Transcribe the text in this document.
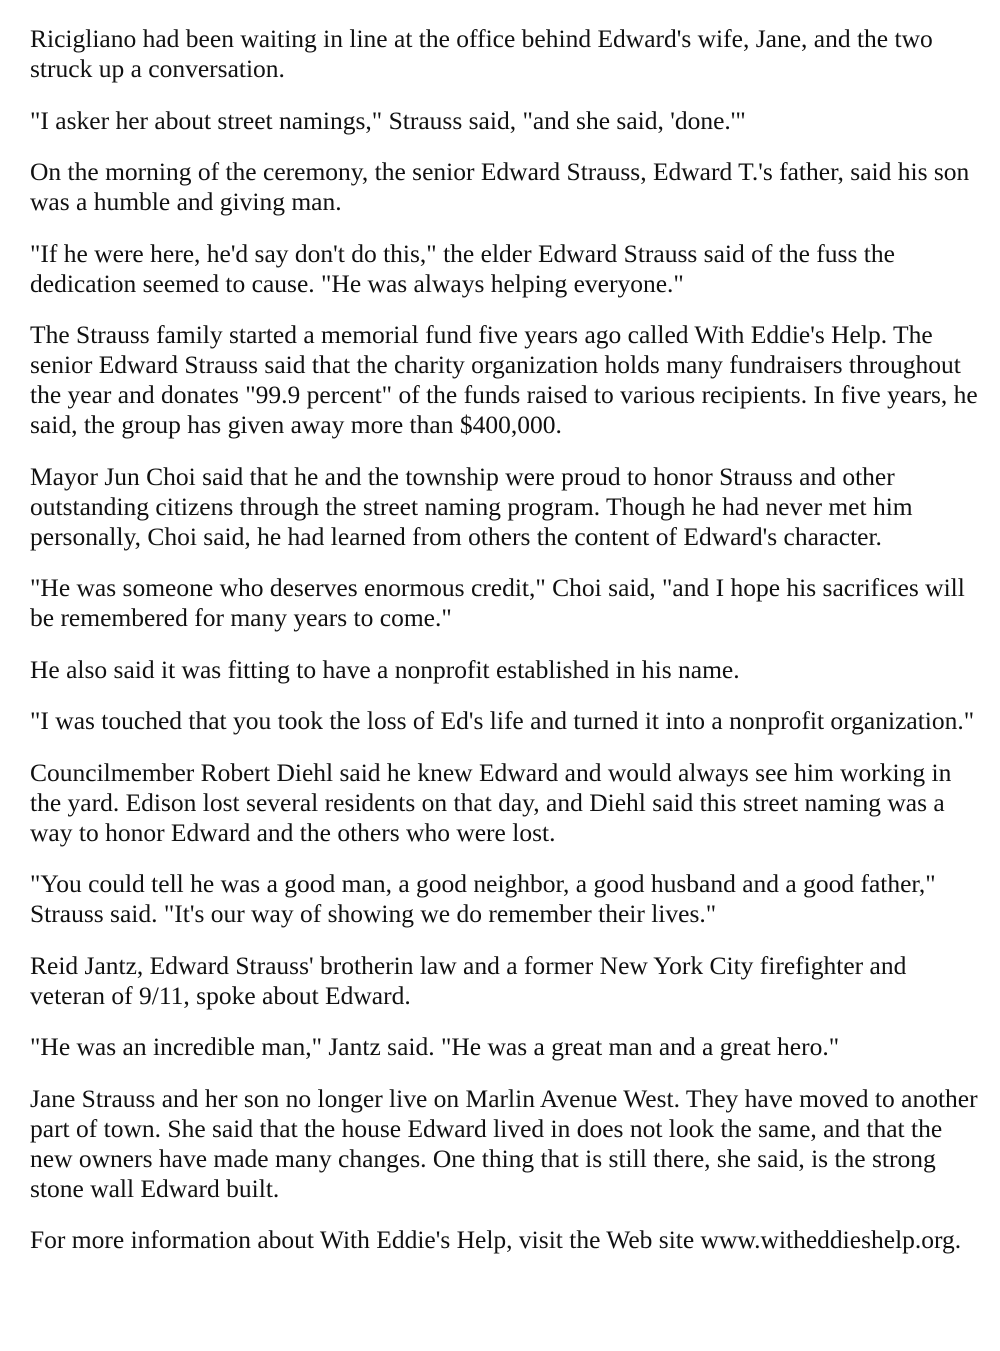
Ricigliano had been waiting in line at the office behind Edward's wife, Jane, and the two struck up a conversation.

"I asker her about street namings," Strauss said, "and she said, 'done.'"

On the morning of the ceremony, the senior Edward Strauss, Edward T.'s father, said his son was a humble and giving man.

"If he were here, he'd say don't do this," the elder Edward Strauss said of the fuss the dedication seemed to cause. "He was always helping everyone."

The Strauss family started a memorial fund five years ago called With Eddie's Help. The senior Edward Strauss said that the charity organization holds many fundraisers throughout the year and donates "99.9 percent" of the funds raised to various recipients. In five years, he said, the group has given away more than $400,000.

Mayor Jun Choi said that he and the township were proud to honor Strauss and other outstanding citizens through the street naming program. Though he had never met him personally, Choi said, he had learned from others the content of Edward's character.

"He was someone who deserves enormous credit," Choi said, "and I hope his sacrifices will be remembered for many years to come."

He also said it was fitting to have a nonprofit established in his name.

"I was touched that you took the loss of Ed's life and turned it into a nonprofit organization."

Councilmember Robert Diehl said he knew Edward and would always see him working in the yard. Edison lost several residents on that day, and Diehl said this street naming was a way to honor Edward and the others who were lost.

"You could tell he was a good man, a good neighbor, a good husband and a good father," Strauss said. "It's our way of showing we do remember their lives."

Reid Jantz, Edward Strauss' brotherin law and a former New York City firefighter and veteran of 9/11, spoke about Edward.

"He was an incredible man," Jantz said. "He was a great man and a great hero."

Jane Strauss and her son no longer live on Marlin Avenue West. They have moved to another part of town. She said that the house Edward lived in does not look the same, and that the new owners have made many changes. One thing that is still there, she said, is the strong stone wall Edward built.

For more information about With Eddie's Help, visit the Web site www.witheddieshelp.org.
